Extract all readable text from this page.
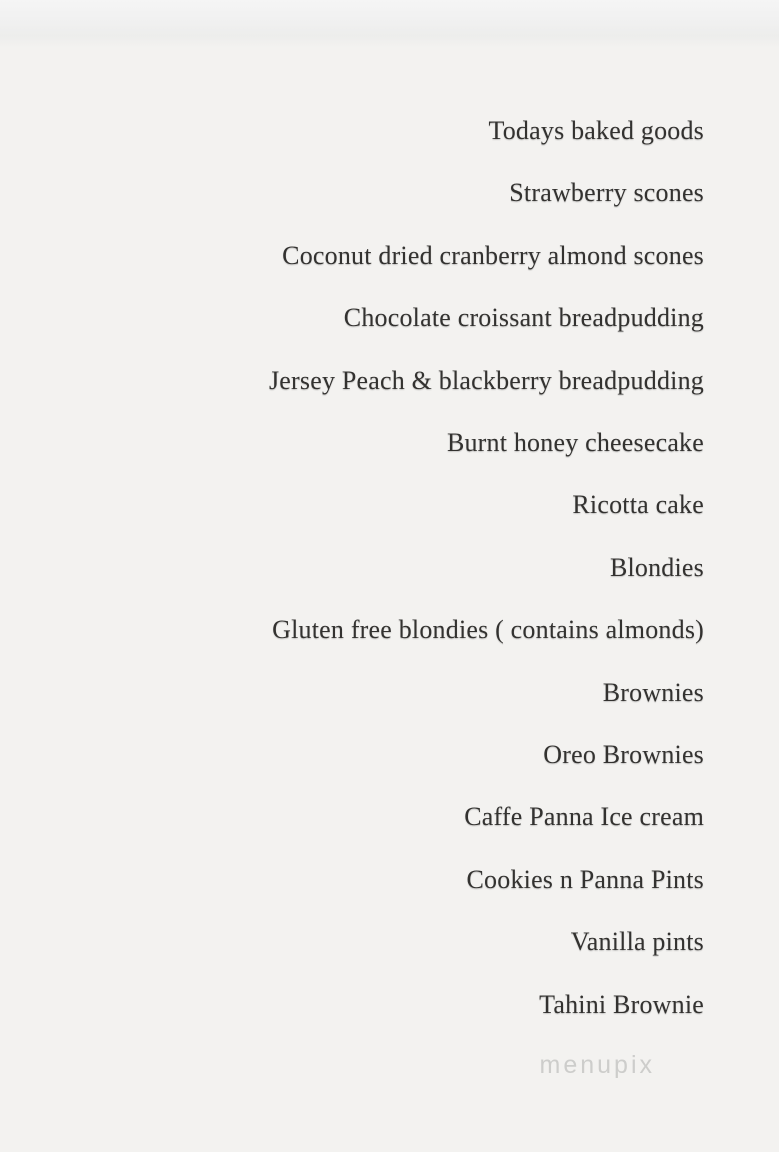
Todays baked goods
Strawberry scones
Coconut dried cranberry almond scones
Chocolate croissant breadpudding
Jersey Peach & blackberry breadpudding
Burnt honey cheesecake
Ricotta cake
Blondies
Gluten free blondies ( contains almonds)
Brownies
Oreo Brownies
Caffe Panna Ice cream
Cookies n Panna Pints
Vanilla pints
Tahini Brownie
menupix
